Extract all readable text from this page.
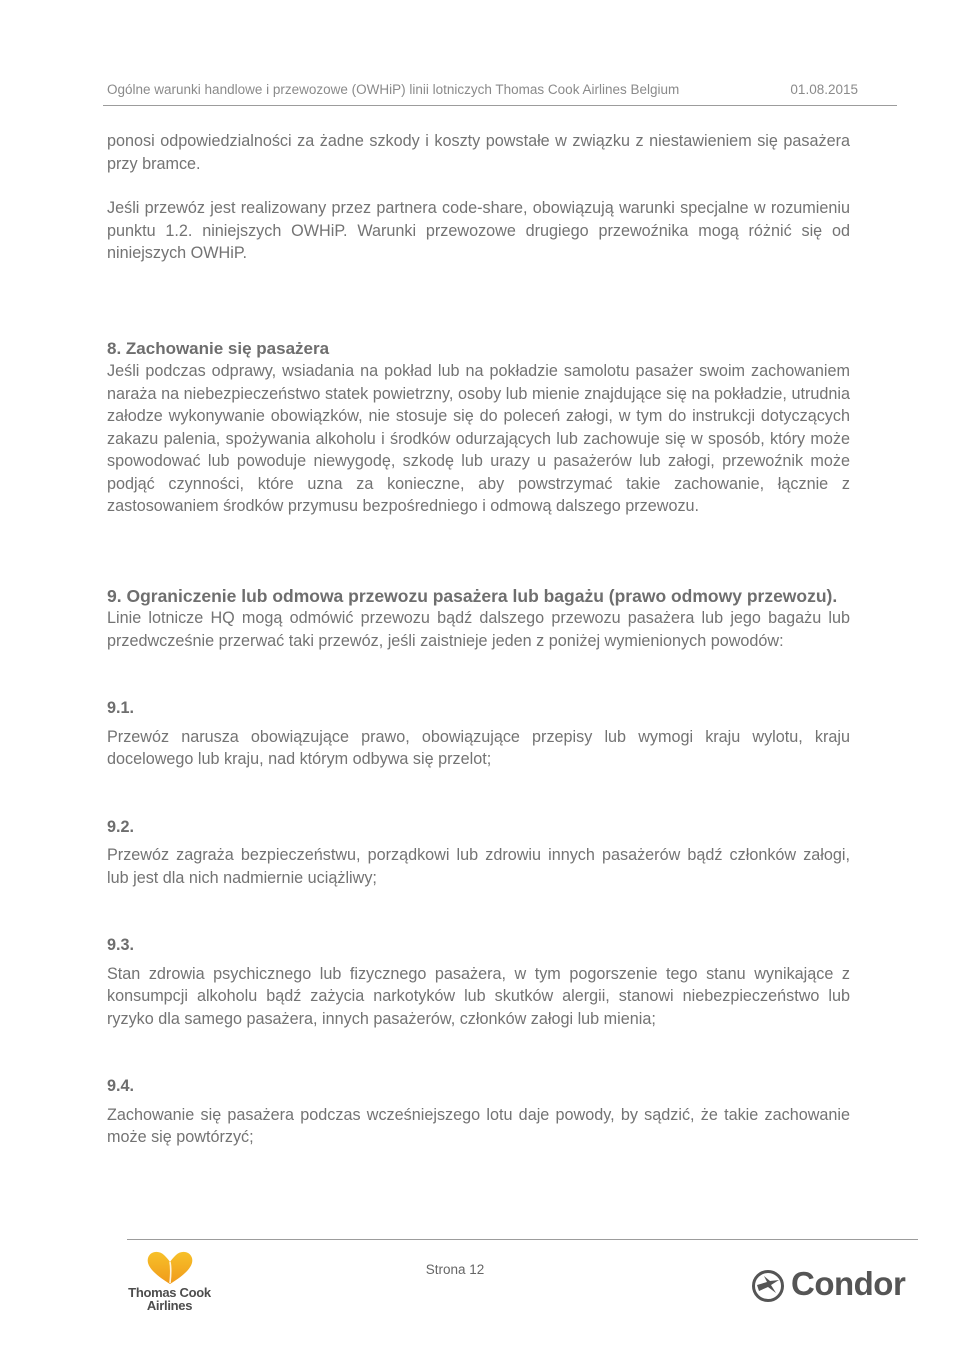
Ogólne warunki handlowe i przewozowe (OWHiP) linii lotniczych Thomas Cook Airlines Belgium	01.08.2015

ponosi odpowiedzialności za żadne szkody i koszty powstałe w związku z niestawieniem się pasażera przy bramce.

Jeśli przewóz jest realizowany przez partnera code-share, obowiązują warunki specjalne w rozumieniu punktu 1.2. niniejszych OWHiP. Warunki przewozowe drugiego przewoźnika mogą różnić się od niniejszych OWHiP.

8. Zachowanie się pasażera

Jeśli podczas odprawy, wsiadania na pokład lub na pokładzie samolotu pasażer swoim zachowaniem naraża na niebezpieczeństwo statek powietrzny, osoby lub mienie znajdujące się na pokładzie, utrudnia załodze wykonywanie obowiązków, nie stosuje się do poleceń załogi, w tym do instrukcji dotyczących zakazu palenia, spożywania alkoholu i środków odurzających lub zachowuje się w sposób, który może spowodować lub powoduje niewygodę, szkodę lub urazy u pasażerów lub załogi, przewoźnik może podjąć czynności, które uzna za konieczne, aby powstrzymać takie zachowanie, łącznie z zastosowaniem środków przymusu bezpośredniego i odmową dalszego przewozu.

9. Ograniczenie lub odmowa przewozu pasażera lub bagażu (prawo odmowy przewozu).

Linie lotnicze HQ mogą odmówić przewozu bądź dalszego przewozu pasażera lub jego bagażu lub przedwcześnie przerwać taki przewóz, jeśli zaistnieje jeden z poniżej wymienionych powodów:

9.1.

Przewóz narusza obowiązujące prawo, obowiązujące przepisy lub wymogi kraju wylotu, kraju docelowego lub kraju, nad którym odbywa się przelot;

9.2.

Przewóz zagraża bezpieczeństwu, porządkowi lub zdrowiu innych pasażerów bądź członków załogi, lub jest dla nich nadmiernie uciążliwy;

9.3.

Stan zdrowia psychicznego lub fizycznego pasażera, w tym pogorszenie tego stanu wynikające z konsumpcji alkoholu bądź zażycia narkotyków lub skutków alergii, stanowi niebezpieczeństwo lub ryzyko dla samego pasażera, innych pasażerów, członków załogi lub mienia;

9.4.

Zachowanie się pasażera podczas wcześniejszego lotu daje powody, by sądzić, że takie zachowanie może się powtórzyć;

Strona 12
Thomas Cook
Airlines
Condor
